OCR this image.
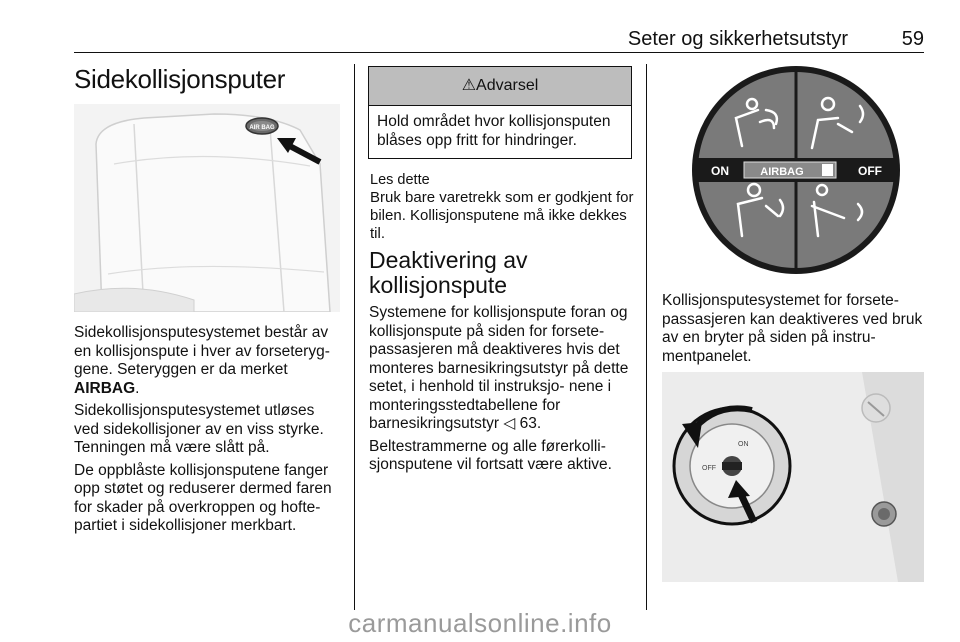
Seter og sikkerhetsutstyr	59
Sidekollisjonsputer
AIR BAG

Sidekollisjonsputesystemet består av en kollisjonspute i hver av forseteryg‐ gene. Seteryggen er da merket AIRBAG.

Sidekollisjonsputesystemet utløses ved sidekollisjoner av en viss styrke. Tenningen må være slått på.

De oppblåste kollisjonsputene fanger opp støtet og reduserer dermed faren for skader på overkroppen og hofte‐ partiet i sidekollisjoner merkbart.

⚠Advarsel
Hold området hvor kollisjonsputen blåses opp fritt for hindringer.

Les dette

Bruk bare varetrekk som er godkjent for bilen. Kollisjonsputene må ikke dekkes til.

Deaktivering av
kollisjonspute

Systemene for kollisjonspute foran og kollisjonspute på siden for forsete‐ passasjeren må deaktiveres hvis det monteres barnesikringsutstyr på dette setet, i henhold til instruksjo‐ nene i monteringsstedtabellene for barnesikringsutstyr ◁ 63.

Beltestrammerne og alle førerkolli‐ sjonsputene vil fortsatt være aktive.

ON	AIRBAG	OFF

Kollisjonsputesystemet for forsete‐ passasjeren kan deaktiveres ved bruk av en bryter på siden på instru‐ mentpanelet.

ON
OFF
carmanualsonline.info
